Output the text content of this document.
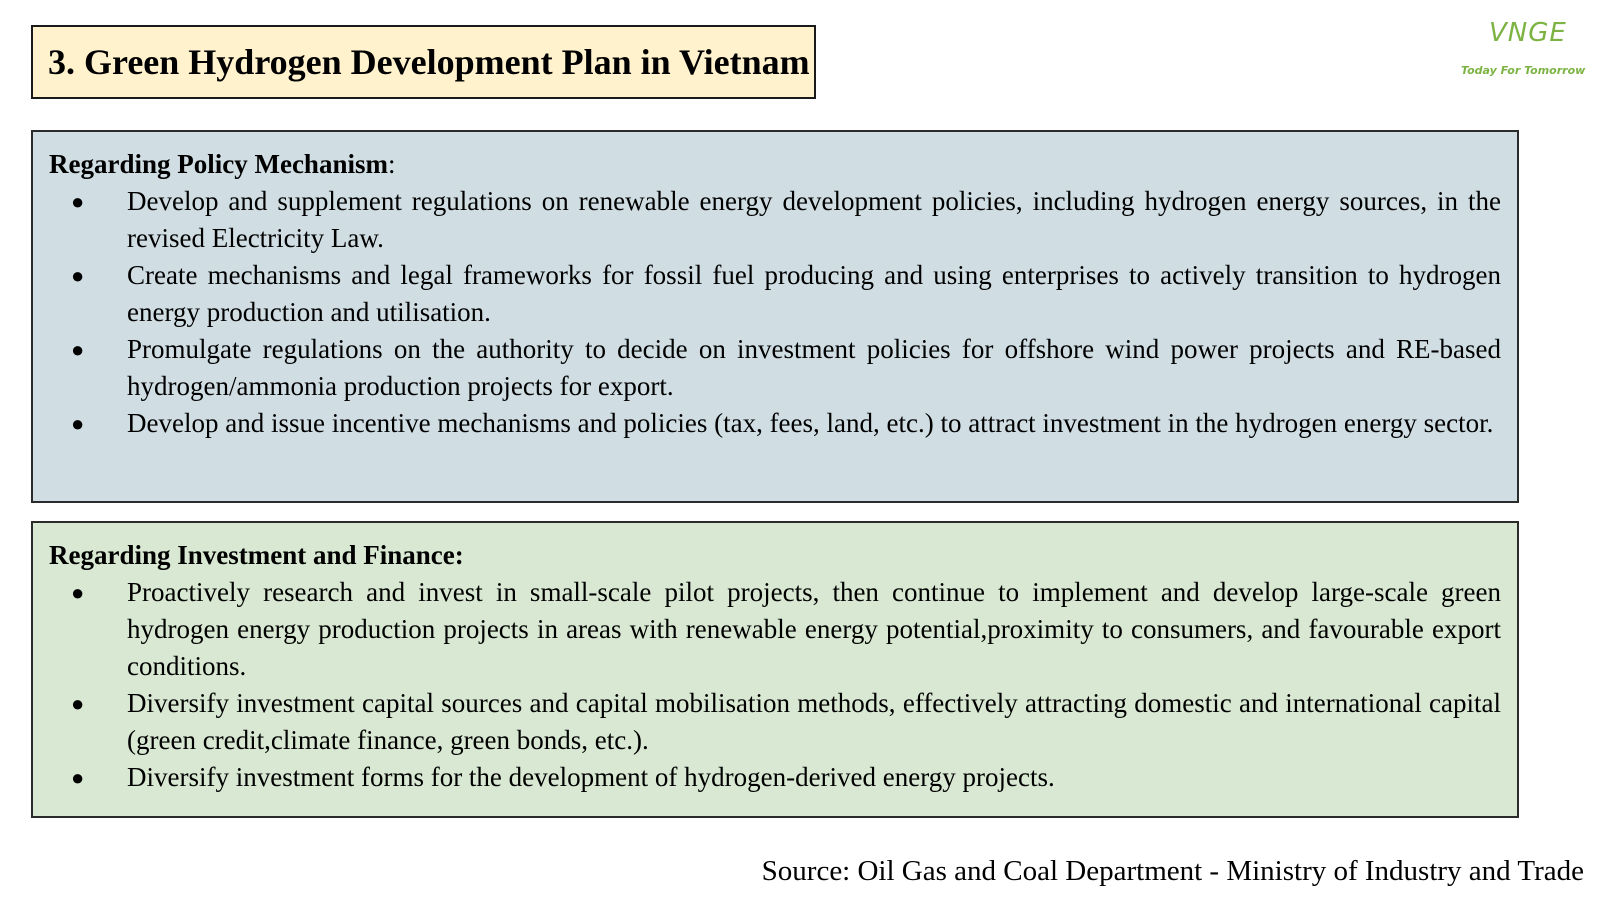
3. Green Hydrogen Development Plan in Vietnam
VNGE
Today For Tomorrow
Regarding Policy Mechanism:
● Develop and supplement regulations on renewable energy development policies, including hydrogen energy sources, in the revised Electricity Law.
● Create mechanisms and legal frameworks for fossil fuel producing and using enterprises to actively transition to hydrogen energy production and utilisation.
● Promulgate regulations on the authority to decide on investment policies for offshore wind power projects and RE-based hydrogen/ammonia production projects for export.
● Develop and issue incentive mechanisms and policies (tax, fees, land, etc.) to attract investment in the hydrogen energy sector.
Regarding Investment and Finance:
● Proactively research and invest in small-scale pilot projects, then continue to implement and develop large-scale green hydrogen energy production projects in areas with renewable energy potential,proximity to consumers, and favourable export conditions.
● Diversify investment capital sources and capital mobilisation methods, effectively attracting domestic and international capital (green credit,climate finance, green bonds, etc.).
● Diversify investment forms for the development of hydrogen-derived energy projects.
Source: Oil Gas and Coal Department - Ministry of Industry and Trade
